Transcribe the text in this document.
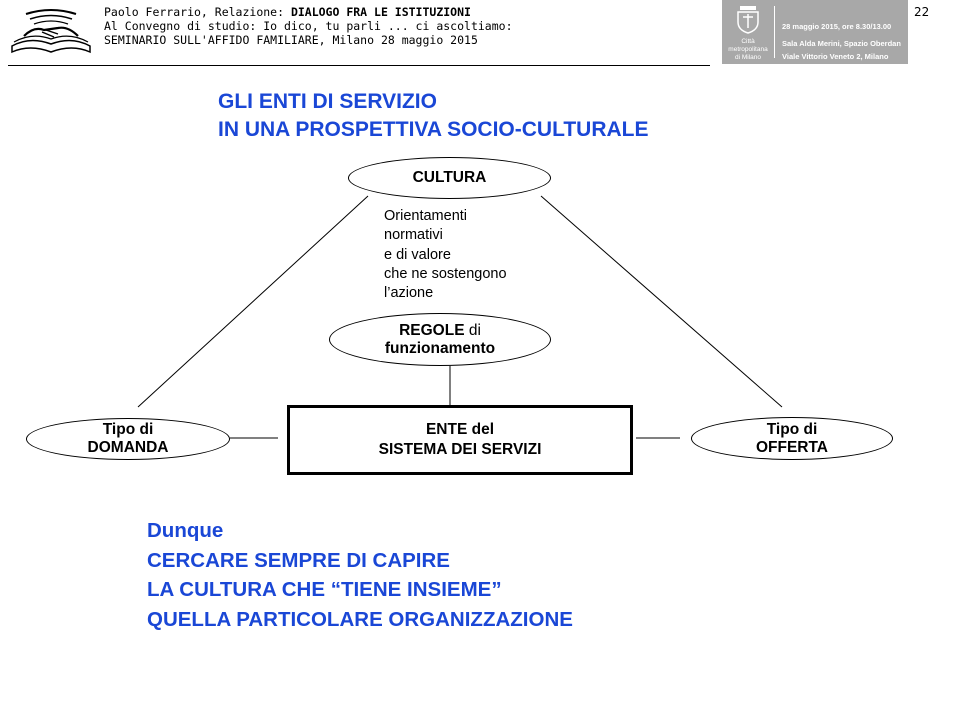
Paolo Ferrario, Relazione: DIALOGO FRA LE ISTITUZIONI
Al Convegno di studio: Io dico, tu parli ... ci ascoltiamo:
SEMINARIO SULL'AFFIDO FAMILIARE, Milano 28 maggio 2015	Città metropolitana di Milano
28 maggio 2015, ore 8.30/13.00
Sala Alda Merini, Spazio Oberdan
Viale Vittorio Veneto 2, Milano
22
GLI ENTI DI SERVIZIO
IN UNA PROSPETTIVA SOCIO-CULTURALE
CULTURA
Orientamenti
normativi
e di valore
che ne sostengono
l’azione
REGOLE di
funzionamento
Tipo di
DOMANDA
ENTE del
SISTEMA DEI SERVIZI
Tipo di
OFFERTA
Dunque
CERCARE SEMPRE DI CAPIRE
LA CULTURA CHE “TIENE INSIEME”
QUELLA PARTICOLARE ORGANIZZAZIONE
